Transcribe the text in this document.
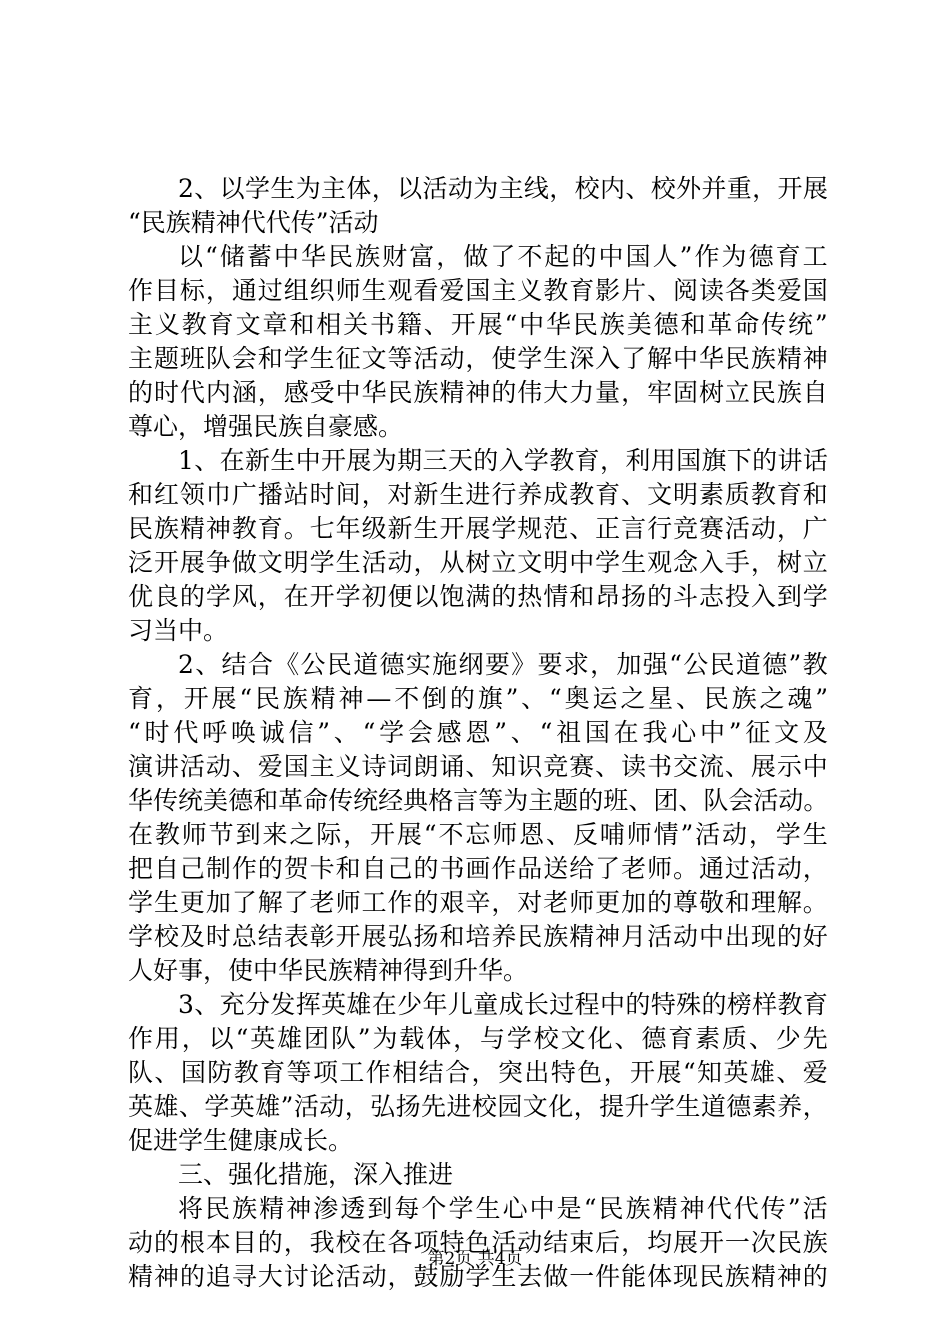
2 、 以 学 生 为 主 体 ， 以 活 动 为 主 线 ， 校 内 、 校 外 并 重 ， 开 展
“民族精神代代传”活动
以 “ 储 蓄 中 华 民 族 财 富 ， 做 了 不 起 的 中 国 人 ” 作 为 德 育 工
作 目 标 ， 通 过 组 织 师 生 观 看 爱 国 主 义 教 育 影 片 、 阅 读 各 类 爱 国
主 义 教 育 文 章 和 相 关 书 籍 、 开 展 “ 中 华 民 族 美 德 和 革 命 传 统 ”
主 题 班 队 会 和 学 生 征 文 等 活 动 ， 使 学 生 深 入 了 解 中 华 民 族 精 神
的 时 代 内 涵 ， 感 受 中 华 民 族 精 神 的 伟 大 力 量 ， 牢 固 树 立 民 族 自
尊心，增强民族自豪感。
1 、 在 新 生 中 开 展 为 期 三 天 的 入 学 教 育 ， 利 用 国 旗 下 的 讲 话
和 红 领 巾 广 播 站 时 间 ， 对 新 生 进 行 养 成 教 育 、 文 明 素 质 教 育 和
民 族 精 神 教 育 。 七 年 级 新 生 开 展 学 规 范 、 正 言 行 竞 赛 活 动 ， 广
泛 开 展 争 做 文 明 学 生 活 动 ， 从 树 立 文 明 中 学 生 观 念 入 手 ， 树 立
优 良 的 学 风 ， 在 开 学 初 便 以 饱 满 的 热 情 和 昂 扬 的 斗 志 投 入 到 学
习当中。
2 、 结 合 《 公 民 道 德 实 施 纲 要 》 要 求 ， 加 强 “ 公 民 道 德 ” 教
育 ， 开 展 “ 民 族 精 神 — 不 倒 的 旗 ” 、 “ 奥 运 之 星 、 民 族 之 魂 ”
“ 时 代 呼 唤 诚 信 ” 、 “ 学 会 感 恩 ” 、 “ 祖 国 在 我 心 中 ” 征 文 及
演 讲 活 动 、 爱 国 主 义 诗 词 朗 诵 、 知 识 竞 赛 、 读 书 交 流 、 展 示 中
华 传 统 美 德 和 革 命 传 统 经 典 格 言 等 为 主 题 的 班 、 团 、 队 会 活 动 。
在 教 师 节 到 来 之 际 ， 开 展 “ 不 忘 师 恩 、 反 哺 师 情 ” 活 动 ， 学 生
把 自 己 制 作 的 贺 卡 和 自 己 的 书 画 作 品 送 给 了 老 师 。 通 过 活 动 ，
学 生 更 加 了 解 了 老 师 工 作 的 艰 辛 ， 对 老 师 更 加 的 尊 敬 和 理 解 。
学 校 及 时 总 结 表 彰 开 展 弘 扬 和 培 养 民 族 精 神 月 活 动 中 出 现 的 好
人好事，使中华民族精神得到升华。
3 、 充 分 发 挥 英 雄 在 少 年 儿 童 成 长 过 程 中 的 特 殊 的 榜 样 教 育
作 用 ， 以 “ 英 雄 团 队 ” 为 载 体 ， 与 学 校 文 化 、 德 育 素 质 、 少 先
队 、 国 防 教 育 等 项 工 作 相 结 合 ， 突 出 特 色 ， 开 展 “ 知 英 雄 、 爱
英 雄 、 学 英 雄 ” 活 动 ， 弘 扬 先 进 校 园 文 化 ， 提 升 学 生 道 德 素 养 ，
促进学生健康成长。
三、强化措施，深入推进
将 民 族 精 神 渗 透 到 每 个 学 生 心 中 是 “ 民 族 精 神 代 代 传 ” 活
动 的 根 本 目 的 ， 我 校 在 各 项 特 色 活 动 结 束 后 ， 均 展 开 一 次 民 族
精 神 的 追 寻 大 讨 论 活 动 ， 鼓 励 学 生 去 做 一 件 能 体 现 民 族 精 神 的
第2页 共4页
